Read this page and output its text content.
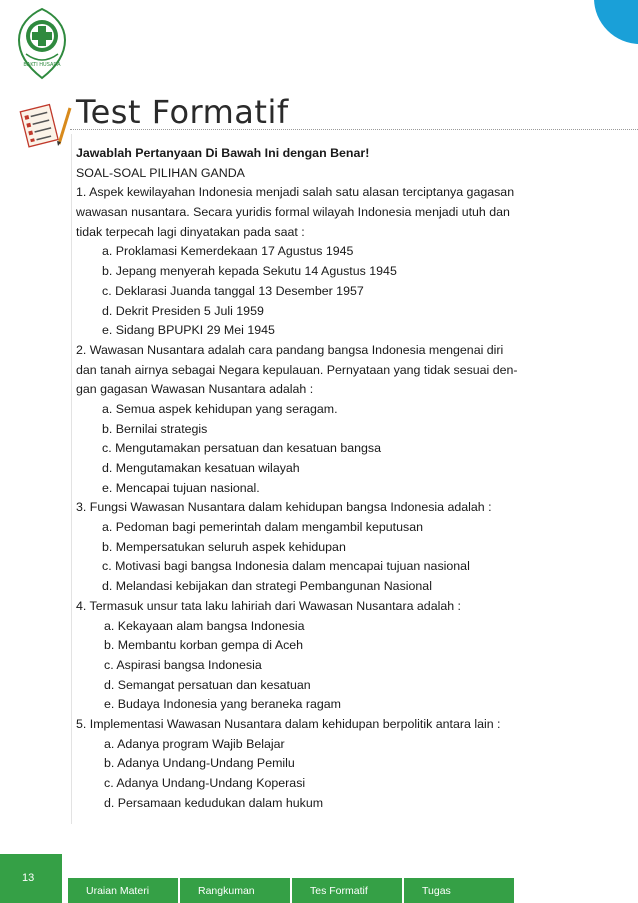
BAKTI HUSADA
Test Formatif
Jawablah Pertanyaan Di Bawah Ini dengan Benar!
SOAL-SOAL PILIHAN GANDA
1. Aspek kewilayahan Indonesia menjadi salah satu alasan terciptanya gagasan
wawasan nusantara. Secara yuridis formal wilayah Indonesia menjadi utuh dan
tidak terpecah lagi dinyatakan pada saat :
a. Proklamasi Kemerdekaan 17 Agustus 1945
b. Jepang menyerah kepada Sekutu 14 Agustus 1945
c. Deklarasi Juanda tanggal 13 Desember 1957
d. Dekrit Presiden 5 Juli 1959
e. Sidang BPUPKI 29 Mei 1945
2. Wawasan Nusantara adalah cara pandang bangsa Indonesia mengenai diri
dan tanah airnya sebagai Negara kepulauan. Pernyataan yang tidak sesuai den-
gan gagasan Wawasan Nusantara adalah :
a. Semua aspek kehidupan yang seragam.
b. Bernilai strategis
c. Mengutamakan persatuan dan kesatuan bangsa
d. Mengutamakan kesatuan wilayah
e. Mencapai tujuan nasional.
3. Fungsi Wawasan Nusantara dalam kehidupan bangsa Indonesia adalah :
a. Pedoman bagi pemerintah dalam mengambil keputusan
b. Mempersatukan seluruh aspek kehidupan
c. Motivasi bagi bangsa Indonesia dalam mencapai tujuan nasional
d. Melandasi kebijakan dan strategi Pembangunan Nasional
4. Termasuk unsur tata laku lahiriah dari Wawasan Nusantara adalah :
a. Kekayaan alam bangsa Indonesia
b. Membantu korban gempa di Aceh
c. Aspirasi bangsa Indonesia
d. Semangat persatuan dan kesatuan
e. Budaya Indonesia yang beraneka ragam
5. Implementasi Wawasan Nusantara dalam kehidupan berpolitik antara lain :
a. Adanya program Wajib Belajar
b. Adanya Undang-Undang Pemilu
c. Adanya Undang-Undang Koperasi
d. Persamaan kedudukan dalam hukum
13
Uraian Materi	Rangkuman	Tes Formatif	Tugas
